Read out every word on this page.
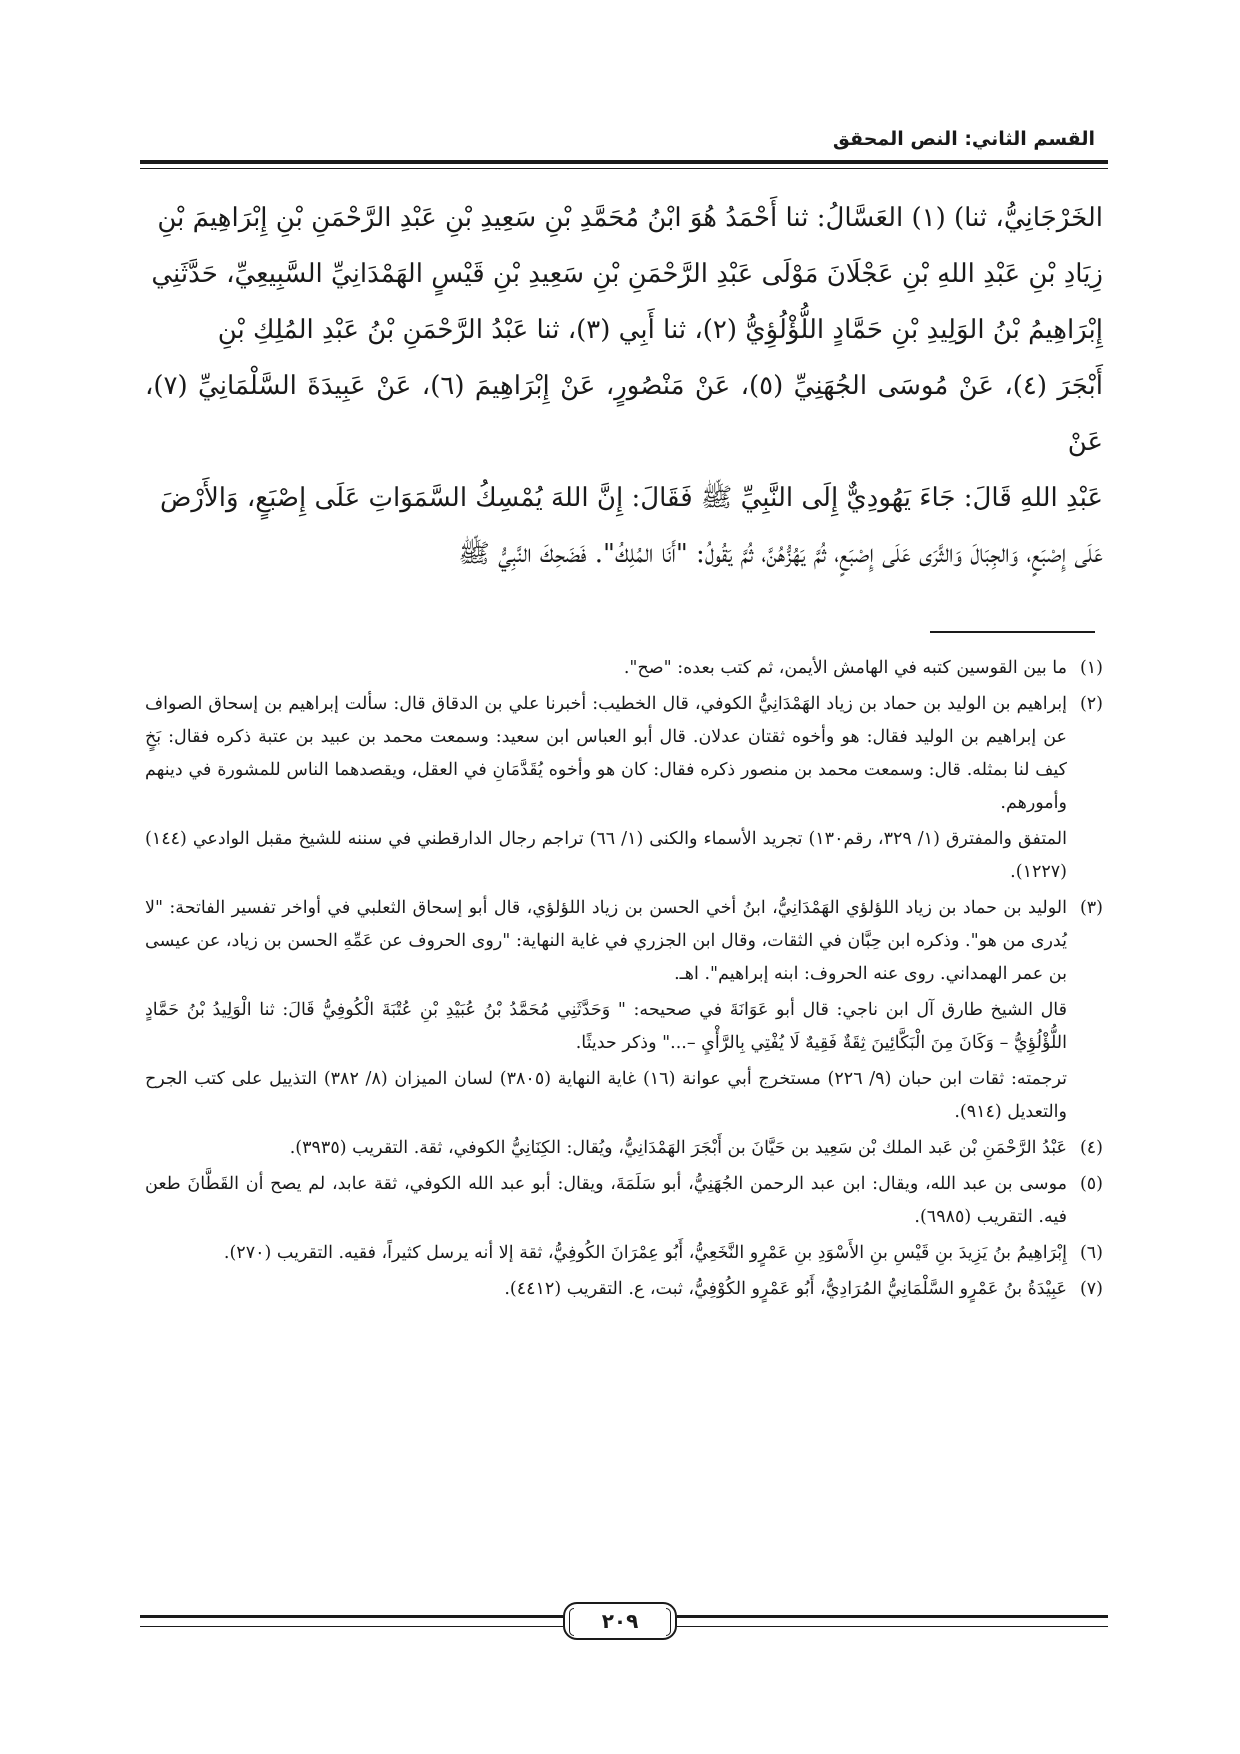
القسم الثاني: النص المحقق

الخَرْجَانِيُّ، ثنا) (١) العَسَّالُ: ثنا أَحْمَدُ هُوَ ابْنُ مُحَمَّدِ بْنِ سَعِيدِ بْنِ عَبْدِ الرَّحْمَنِ بْنِ إِبْرَاهِيمَ بْنِ

زِيَادِ بْنِ عَبْدِ اللهِ بْنِ عَجْلَانَ مَوْلَى عَبْدِ الرَّحْمَنِ بْنِ سَعِيدِ بْنِ قَيْسٍ الهَمْدَانِيِّ السَّبِيعِيِّ، حَدَّثَنِي

إِبْرَاهِيمُ بْنُ الوَلِيدِ بْنِ حَمَّادٍ اللُّؤْلُؤِيُّ (٢)، ثنا أَبِي (٣)، ثنا عَبْدُ الرَّحْمَنِ بْنُ عَبْدِ المُلِكِ بْنِ

أَبْجَرَ (٤)، عَنْ مُوسَى الجُهَنِيِّ (٥)، عَنْ مَنْصُورٍ، عَنْ إِبْرَاهِيمَ (٦)، عَنْ عَبِيدَةَ السَّلْمَانِيِّ (٧)، عَنْ

عَبْدِ اللهِ قَالَ: جَاءَ يَهُودِيٌّ إِلَى النَّبِيِّ ﷺ فَقَالَ: إِنَّ اللهَ يُمْسِكُ السَّمَوَاتِ عَلَى إِصْبَعٍ، وَالأَرْضَ

عَلَى إِصْبَعٍ، وَالجِبَالَ وَالثَّرَى عَلَى إِصْبَعٍ، ثُمَّ يَهُزُّهُنَّ، ثُمَّ يَقُولُ: "أَنَا المُلِكُ". فَضَحِكَ النَّبِيُّ ﷺ

(١)ما بين القوسين كتبه في الهامش الأيمن، ثم كتب بعده: "صح".

(٢)إبراهيم بن الوليد بن حماد بن زياد الهَمْدَانِيُّ الكوفي، قال الخطيب: أخبرنا علي بن الدقاق قال: سألت إبراهيم بن إسحاق الصواف عن إبراهيم بن الوليد فقال: هو وأخوه ثقتان عدلان. قال أبو العباس ابن سعيد: وسمعت محمد بن عبيد بن عتبة ذكره فقال: بَخٍ كيف لنا بمثله. قال: وسمعت محمد بن منصور ذكره فقال: كان هو وأخوه يُقَدَّمَانِ في العقل، ويقصدهما الناس للمشورة في دينهم وأمورهم.

المتفق والمفترق (١/ ٣٢٩، رقم١٣٠) تجريد الأسماء والكنى (١/ ٦٦) تراجم رجال الدارقطني في سننه للشيخ مقبل الوادعي (١٤٤) (١٢٢٧).

(٣)الوليد بن حماد بن زياد اللؤلؤي الهَمْدَانِيُّ، ابنُ أخي الحسن بن زياد اللؤلؤي، قال أبو إسحاق الثعلبي في أواخر تفسير الفاتحة: "لا يُدرى من هو". وذكره ابن حِبَّان في الثقات، وقال ابن الجزري في غاية النهاية: "روى الحروف عن عَمِّهِ الحسن بن زياد، عن عيسى بن عمر الهمداني. روى عنه الحروف: ابنه إبراهيم". اهـ.

قال الشيخ طارق آل ابن ناجي: قال أبو عَوَانَةَ في صحيحه: " وَحَدَّثَنِي مُحَمَّدُ بْنُ عُبَيْدِ بْنِ عُتْبَةَ الْكُوفِيُّ قَالَ: ثنا الْوَلِيدُ بْنُ حَمَّادٍ اللُّؤْلُؤِيُّ – وَكَانَ مِنَ الْبَكَّائِينَ ثِقَةٌ فَقِيهٌ لَا يُفْتِي بِالرَّأْيِ –..." وذكر حديثًا.

ترجمته: ثقات ابن حبان (٩/ ٢٢٦) مستخرج أبي عوانة (١٦) غاية النهاية (٣٨٠٥) لسان الميزان (٨/ ٣٨٢) التذييل على كتب الجرح والتعديل (٩١٤).

(٤)عَبْدُ الرَّحْمَنِ بْن عَبد الملك بْن سَعِيد بن حَيَّانَ بن أَبْجَرَ الهَمْدَانِيُّ، ويُقال: الكِنَانِيُّ الكوفي، ثقة. التقريب (٣٩٣٥).

(٥)موسى بن عبد الله، ويقال: ابن عبد الرحمن الجُهَنِيُّ، أبو سَلَمَةَ، ويقال: أبو عبد الله الكوفي، ثقة عابد، لم يصح أن القَطَّانَ طعن فيه. التقريب (٦٩٨٥).

(٦)إِبْرَاهِيمُ بنُ يَزِيدَ بنِ قَيْسِ بنِ الأَسْوَدِ بنِ عَمْرٍو النَّخَعِيُّ، أَبُو عِمْرَانَ الكُوفِيُّ، ثقة إلا أنه يرسل كثيراً، فقيه. التقريب (٢٧٠).

(٧)عَبِيْدَةُ بنُ عَمْرٍو السَّلْمَانِيُّ المُرَادِيُّ، أَبُو عَمْرٍو الكُوْفِيُّ، ثبت، ع. التقريب (٤٤١٢).

٢٠٩
